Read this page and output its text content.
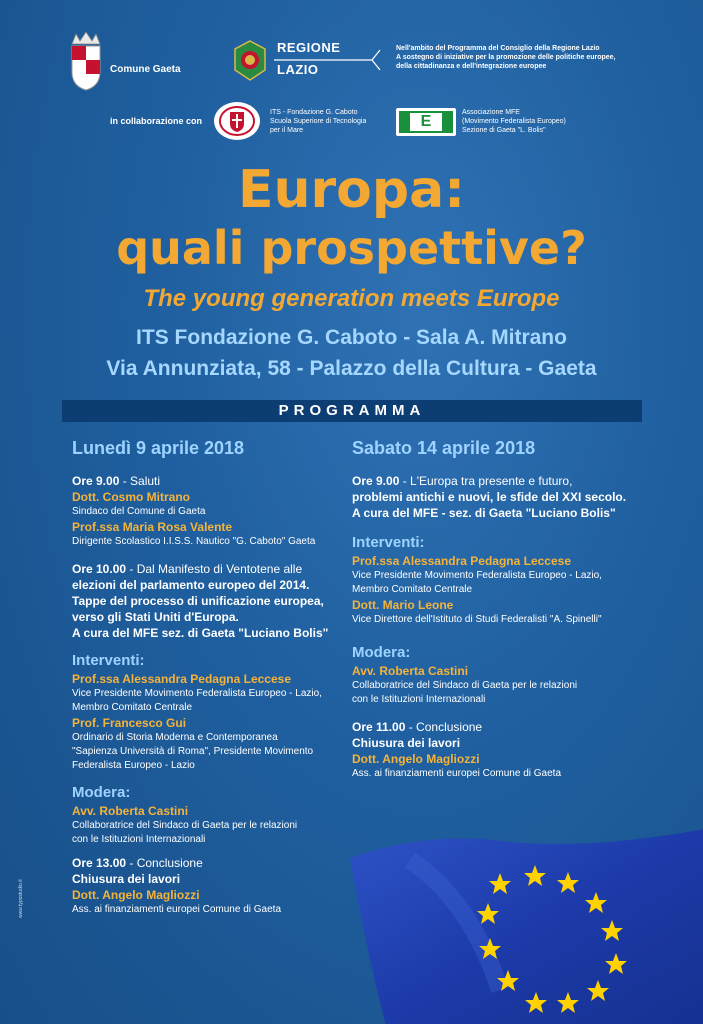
Comune Gaeta
REGIONE
LAZIO
Nell'ambito del Programma del Consiglio della Regione Lazio
A sostegno di iniziative per la promozione delle politiche europee,
della cittadinanza e dell'integrazione europee
in collaborazione con
ITS - Fondazione G. Caboto
Scuola Superiore di Tecnologia
per il Mare
E
Associazione MFE
(Movimento Federalista Europeo)
Sezione di Gaeta "L. Bolis"
Europa:
quali prospettive?
The young generation meets Europe
ITS Fondazione G. Caboto - Sala A. Mitrano
Via Annunziata, 58 - Palazzo della Cultura - Gaeta
PROGRAMMA
Lunedì 9 aprile 2018
Ore 9.00 - Saluti
Dott. Cosmo Mitrano
Sindaco del Comune di Gaeta
Prof.ssa Maria Rosa Valente
Dirigente Scolastico I.I.S.S. Nautico "G. Caboto" Gaeta
Ore 10.00 - Dal Manifesto di Ventotene alle
elezioni del parlamento europeo del 2014.
Tappe del processo di unificazione europea,
verso gli Stati Uniti d'Europa.
A cura del MFE sez. di Gaeta "Luciano Bolis"
Interventi:
Prof.ssa Alessandra Pedagna Leccese
Vice Presidente Movimento Federalista Europeo - Lazio,
Membro Comitato Centrale
Prof. Francesco Gui
Ordinario di Storia Moderna e Contemporanea
"Sapienza Università di Roma", Presidente Movimento
Federalista Europeo - Lazio
Modera:
Avv. Roberta Castini
Collaboratrice del Sindaco di Gaeta per le relazioni
con le Istituzioni Internazionali
Ore 13.00 - Conclusione
Chiusura dei lavori
Dott. Angelo Magliozzi
Ass. ai finanziamenti europei Comune di Gaeta
Sabato 14 aprile 2018
Ore 9.00 - L'Europa tra presente e futuro,
problemi antichi e nuovi, le sfide del XXI secolo.
A cura del MFE - sez. di Gaeta "Luciano Bolis"
Interventi:
Prof.ssa Alessandra Pedagna Leccese
Vice Presidente Movimento Federalista Europeo - Lazio,
Membro Comitato Centrale
Dott. Mario Leone
Vice Direttore dell'Istituto di Studi Federalisti "A. Spinelli"
Modera:
Avv. Roberta Castini
Collaboratrice del Sindaco di Gaeta per le relazioni
con le Istituzioni Internazionali
Ore 11.00 - Conclusione
Chiusura dei lavori
Dott. Angelo Magliozzi
Ass. ai finanziamenti europei Comune di Gaeta
www.typostudio.it
